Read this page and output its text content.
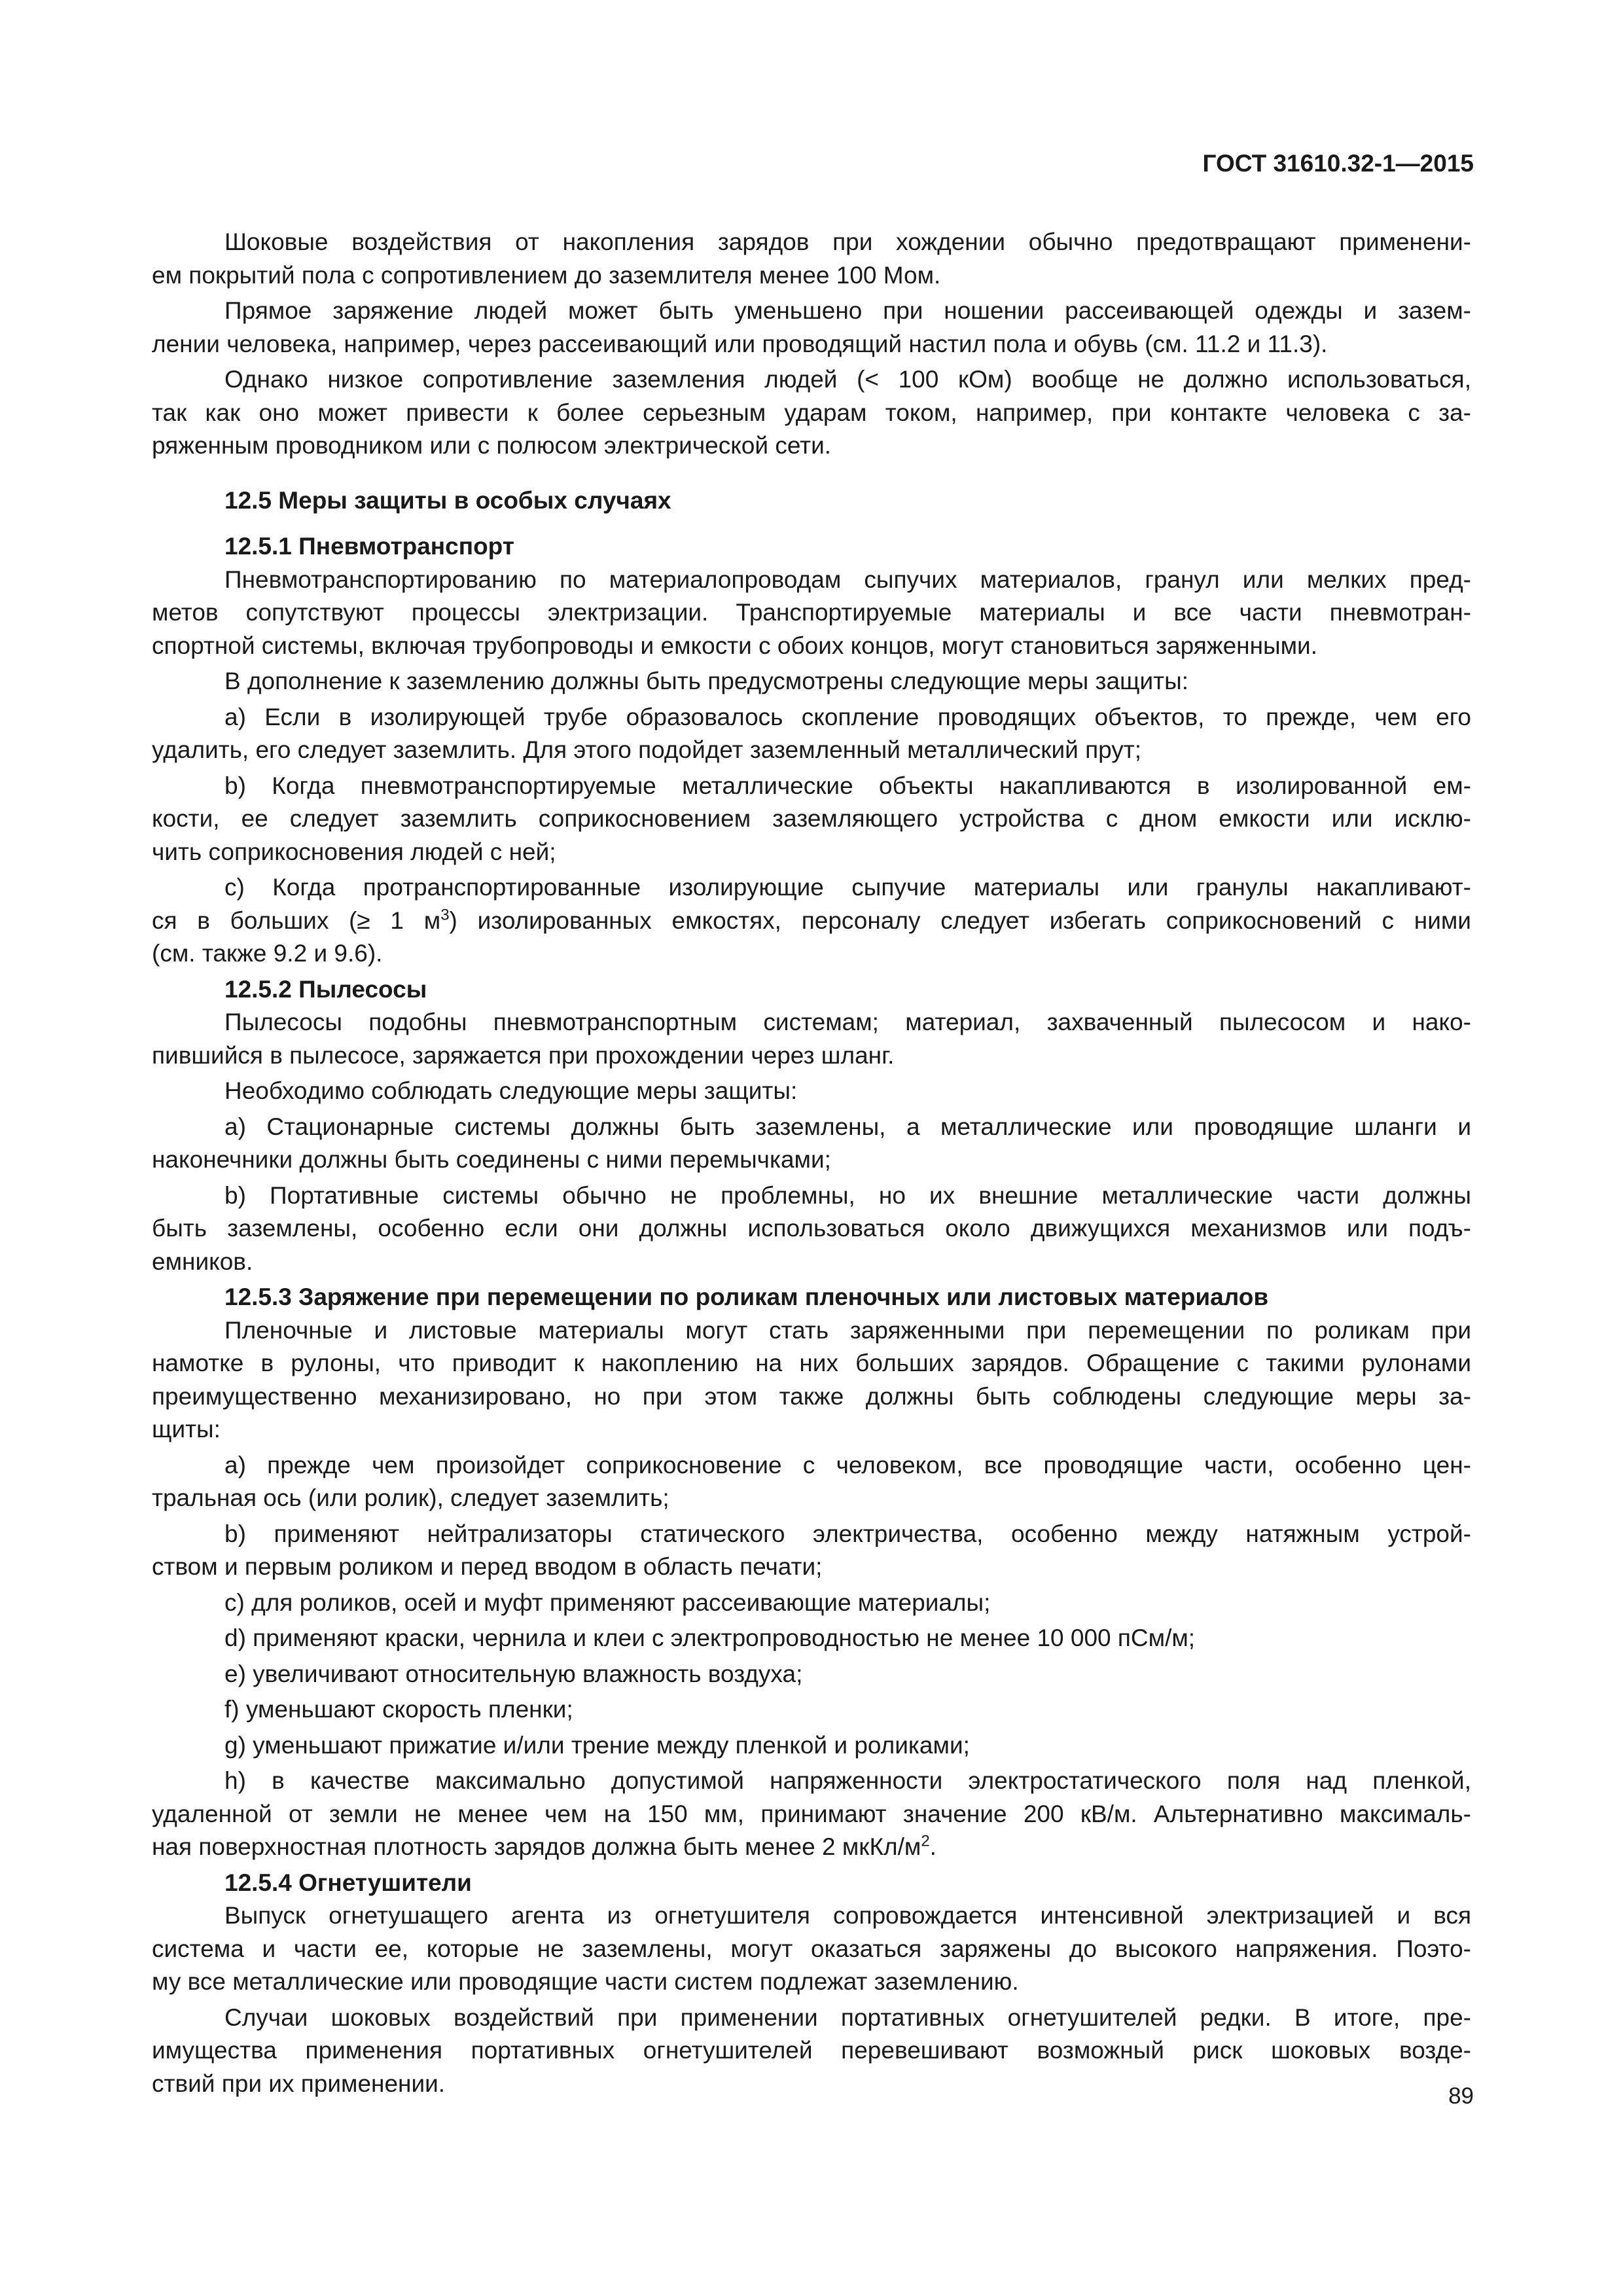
ГОСТ 31610.32-1—2015

Шоковые воздействия от накопления зарядов при хождении обычно предотвращают применени-
ем покрытий пола с сопротивлением до заземлителя менее 100 Мом.
Прямое заряжение людей может быть уменьшено при ношении рассеивающей одежды и зазем-
лении человека, например, через рассеивающий или проводящий настил пола и обувь (см. 11.2 и 11.3).
Однако низкое сопротивление заземления людей (< 100 кОм) вообще не должно использоваться,
так как оно может привести к более серьезным ударам током, например, при контакте человека с за-
ряженным проводником или с полюсом электрической сети.
12.5 Меры защиты в особых случаях
12.5.1 Пневмотранспорт
Пневмотранспортированию по материалопроводам сыпучих материалов, гранул или мелких пред-
метов сопутствуют процессы электризации. Транспортируемые материалы и все части пневмотран-
спортной системы, включая трубопроводы и емкости с обоих концов, могут становиться заряженными.
В дополнение к заземлению должны быть предусмотрены следующие меры защиты:
a) Если в изолирующей трубе образовалось скопление проводящих объектов, то прежде, чем его
удалить, его следует заземлить. Для этого подойдет заземленный металлический прут;
b) Когда пневмотранспортируемые металлические объекты накапливаются в изолированной ем-
кости, ее следует заземлить соприкосновением заземляющего устройства с дном емкости или исклю-
чить соприкосновения людей с ней;
c) Когда протранспортированные изолирующие сыпучие материалы или гранулы накапливают-
ся в больших (≥ 1 $м^3$) изолированных емкостях, персоналу следует избегать соприкосновений с ними
(см. также 9.2 и 9.6).
12.5.2 Пылесосы
Пылесосы подобны пневмотранспортным системам; материал, захваченный пылесосом и нако-
пившийся в пылесосе, заряжается при прохождении через шланг.
Необходимо соблюдать следующие меры защиты:
a) Стационарные системы должны быть заземлены, а металлические или проводящие шланги и
наконечники должны быть соединены с ними перемычками;
b) Портативные системы обычно не проблемны, но их внешние металлические части должны
быть заземлены, особенно если они должны использоваться около движущихся механизмов или подъ-
емников.
12.5.3 Заряжение при перемещении по роликам пленочных или листовых материалов
Пленочные и листовые материалы могут стать заряженными при перемещении по роликам при
намотке в рулоны, что приводит к накоплению на них больших зарядов. Обращение с такими рулонами
преимущественно механизировано, но при этом также должны быть соблюдены следующие меры за-
щиты:
a) прежде чем произойдет соприкосновение с человеком, все проводящие части, особенно цен-
тральная ось (или ролик), следует заземлить;
b) применяют нейтрализаторы статического электричества, особенно между натяжным устрой-
ством и первым роликом и перед вводом в область печати;
c) для роликов, осей и муфт применяют рассеивающие материалы;
d) применяют краски, чернила и клеи с электропроводностью не менее 10 000 пСм/м;
e) увеличивают относительную влажность воздуха;
f) уменьшают скорость пленки;
g) уменьшают прижатие и/или трение между пленкой и роликами;
h) в качестве максимально допустимой напряженности электростатического поля над пленкой,
удаленной от земли не менее чем на 150 мм, принимают значение 200 кВ/м. Альтернативно максималь-
ная поверхностная плотность зарядов должна быть менее 2 мкКл/$м^2$.
12.5.4 Огнетушители
Выпуск огнетушащего агента из огнетушителя сопровождается интенсивной электризацией и вся
система и части ее, которые не заземлены, могут оказаться заряжены до высокого напряжения. Поэто-
му все металлические или проводящие части систем подлежат заземлению.
Случаи шоковых воздействий при применении портативных огнетушителей редки. В итоге, пре-
имущества применения портативных огнетушителей перевешивают возможный риск шоковых возде-
ствий при их применении.	89
